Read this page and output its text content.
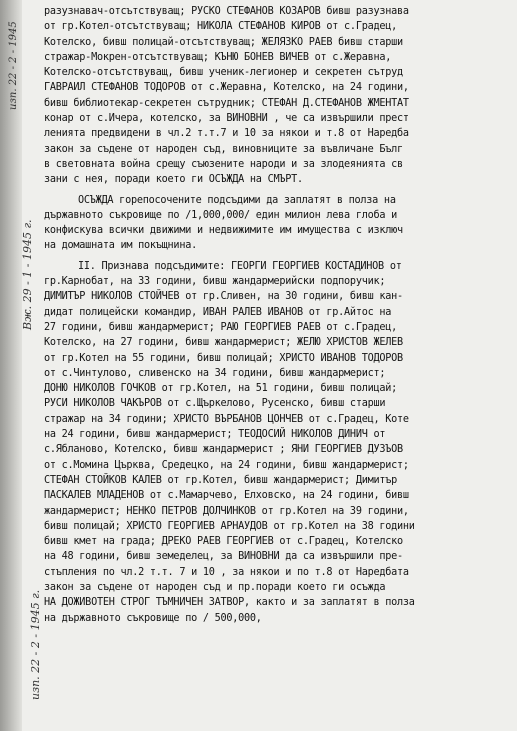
Вж. 29 - 1 - 1945 г.
изп. 22 - 2 - 1945 г.
изп. 22 - 2 - 1945
разузнавач-отсътствуващ; РУСКО СТЕФАНОВ КОЗАРОВ бивш разузнава
от гр.Котел-отсътствуващ; НИКОЛА СТЕФАНОВ КИРОВ от с.Градец,
Котелско, бивш полицай-отсътствуващ; ЖЕЛЯЗКО РАЕВ бивш старши
стражар-Мокрен-отсътствуващ; КЪНЮ БОНЕВ ВИЧЕВ от с.Жеравна,
Котелско-отсътствуващ, бивш ученик-легионер и секретен сътруд
ГАВРАИЛ СТЕФАНОВ ТОДОРОВ от с.Жеравна, Котелско, на 24 години,
бивш библиотекар-секретен сътрудник; СТЕФАН Д.СТЕФАНОВ ЖМЕНТАТ
конар от с.Ичера, котелско, за ВИНОВНИ , че са извършили прест
ленията предвидени в чл.2 т.т.7 и 10 за някои и т.8 от Наредба
закон за съдене от народен съд, виновниците за въвличане Бълг
в световната война срещу съюзените народи и за злодеянията св
зани с нея, поради което ги ОСЪЖДА на СМЪРТ.
ОСЪЖДА горепосочените подсъдими да заплатят в полза на
държавното съкровище по /1,000,000/ един милион лева глоба и
конфискува всички движими и недвижимите им имущества с изключ
на домашната им покъщнина.
II. Признава подсъдимите: ГЕОРГИ ГЕОРГИЕВ КОСТАДИНОВ от
гр.Карнобат, на 33 години, бивш жандармерийски подпоручик;
ДИМИТЪР НИКОЛОВ СТОЙЧЕВ от гр.Сливен, на 30 години, бивш кан-
дидат полицейски командир, ИВАН РАЛЕВ ИВАНОВ от гр.Айтос на
27 години, бивш жандармерист; РАЮ ГЕОРГИЕВ РАЕВ от с.Градец,
Котелско, на 27 години, бивш жандармерист; ЖЕЛЮ ХРИСТОВ ЖЕЛЕВ
от гр.Котел на 55 години, бивш полицай; ХРИСТО ИВАНОВ ТОДОРОВ
от с.Чинтулово, сливенско на 34 години, бивш жандармерист;
ДОНЮ НИКОЛОВ ГОЧКОВ от гр.Котел, на 51 години, бивш полицай;
РУСИ НИКОЛОВ ЧАКЪРОВ от с.Щъркелово, Русенско, бивш старши
стражар на 34 години; ХРИСТО ВЪРБАНОВ ЦОНЧЕВ от с.Градец, Коте
на 24 години, бивш жандармерист; ТЕОДОСИЙ НИКОЛОВ ДИНИЧ от
с.Ябланово, Котелско, бивш жандармерист ; ЯНИ ГЕОРГИЕВ ДУЗЪОВ
от с.Момина Църква, Средецко, на 24 години, бивш жандармерист;
СТЕФАН СТОЙКОВ КАЛЕВ от гр.Котел, бивш жандармерист; Димитър
ПАСКАЛЕВ МЛАДЕНОВ от с.Мамарчево, Елховско, на 24 години, бивш
жандармерист; НЕНКО ПЕТРОВ ДОЛЧИНКОВ от гр.Котел на 39 години,
бивш полицай; ХРИСТО ГЕОРГИЕВ АРНАУДОВ от гр.Котел на 38 години
бивш кмет на града; ДРЕКО РАЕВ ГЕОРГИЕВ от с.Градец, Котелско
на 48 години, бивш земеделец, за ВИНОВНИ да са извършили пре-
стъпления по чл.2 т.т. 7 и 10 , за някои и по т.8 от Наредбата
закон за съдене от народен съд и пр.поради което ги осъжда
НА ДОЖИВОТЕН СТРОГ ТЪМНИЧЕН ЗАТВОР, както и за заплатят в полза
на държавното съкровище по / 500,000,
